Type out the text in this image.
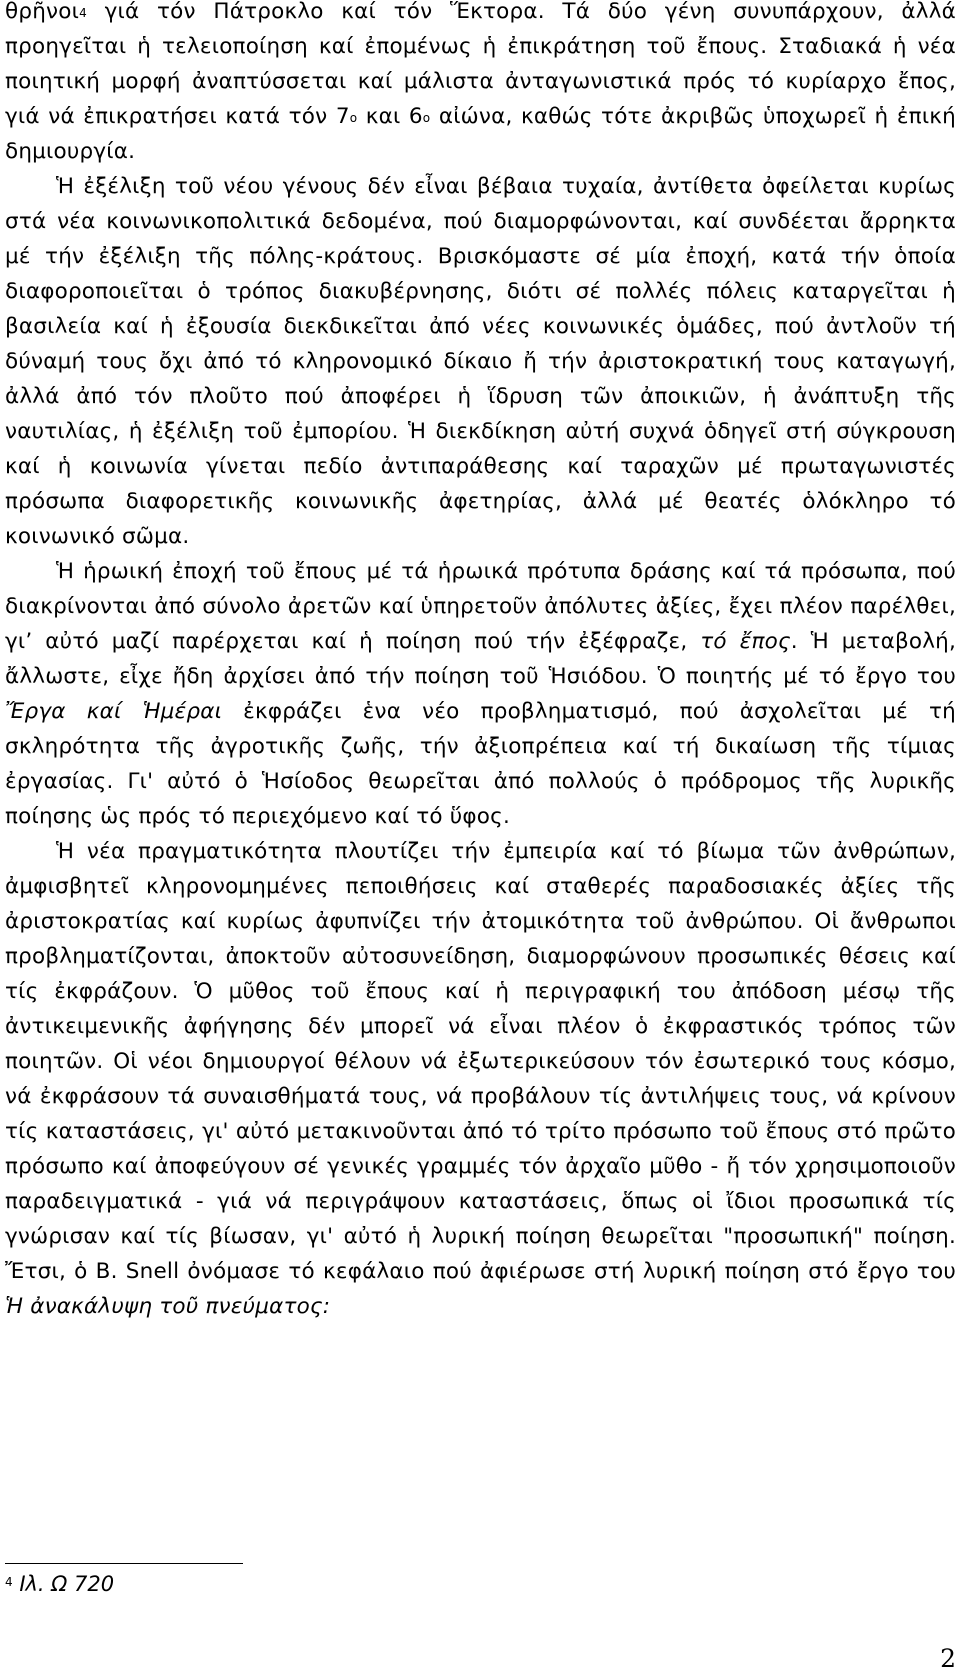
θρῆνοι$^4$ γιά τόν Πάτροκλο καί τόν Ἕκτορα. Τά δύο γένη συνυπάρχουν, ἀλλά προηγεῖται ἡ τελειοποίηση καί ἐπομένως ἡ ἐπικράτηση τοῦ ἔπους. Σταδιακά ἡ νέα ποιητική μορφή ἀναπτύσσεται καί μάλιστα ἀνταγωνιστικά πρός τό κυρίαρχο ἔπος, γιά νά ἐπικρατήσει κατά τόν $7^o$ και $6^o$ αἰώνα, καθώς τότε ἀκριβῶς ὑποχωρεῖ ἡ ἐπική δημιουργία.

Ἡ ἐξέλιξη τοῦ νέου γένους δέν εἶναι βέβαια τυχαία, ἀντίθετα ὀφείλεται κυρίως στά νέα κοινωνικοπολιτικά δεδομένα, πού διαμορφώνονται, καί συνδέεται ἄρρηκτα μέ τήν ἐξέλιξη τῆς πόλης-κράτους. Βρισκόμαστε σέ μία ἐποχή, κατά τήν ὁποία διαφοροποιεῖται ὁ τρόπος διακυβέρνησης, διότι σέ πολλές πόλεις καταργεῖται ἡ βασιλεία καί ἡ ἐξουσία διεκδικεῖται ἀπό νέες κοινωνικές ὁμάδες, πού ἀντλοῦν τή δύναμή τους ὄχι ἀπό τό κληρονομικό δίκαιο ἤ τήν ἀριστοκρατική τους καταγωγή, ἀλλά ἀπό τόν πλοῦτο πού ἀποφέρει ἡ ἵδρυση τῶν ἀποικιῶν, ἡ ἀνάπτυξη τῆς ναυτιλίας, ἡ ἐξέλιξη τοῦ ἐμπορίου. Ἡ διεκδίκηση αὐτή συχνά ὁδηγεῖ στή σύγκρουση καί ἡ κοινωνία γίνεται πεδίο ἀντιπαράθεσης καί ταραχῶν μέ πρωταγωνιστές πρόσωπα διαφορετικῆς κοινωνικῆς ἀφετηρίας, ἀλλά μέ θεατές ὁλόκληρο τό κοινωνικό σῶμα.

Ἡ ἡρωική ἐποχή τοῦ ἔπους μέ τά ἡρωικά πρότυπα δράσης καί τά πρόσωπα, πού διακρίνονται ἀπό σύνολο ἀρετῶν καί ὑπηρετοῦν ἀπόλυτες ἀξίες, ἔχει πλέον παρέλθει, γι’ αὐτό μαζί παρέρχεται καί ἡ ποίηση πού τήν ἐξέφραζε, τό ἔπος. Ἡ μεταβολή, ἄλλωστε, εἶχε ἤδη ἀρχίσει ἀπό τήν ποίηση τοῦ Ἡσιόδου. Ὁ ποιητής μέ τό ἔργο του Ἔργα καί Ἡμέραι ἐκφράζει ἑνα νέο προβληματισμό, πού ἀσχολεῖται μέ τή σκληρότητα τῆς ἀγροτικῆς ζωῆς, τήν ἀξιοπρέπεια καί τή δικαίωση τῆς τίμιας ἐργασίας. Γι' αὐτό ὁ Ἡσίοδος θεωρεῖται ἀπό πολλούς ὁ πρόδρομος τῆς λυρικῆς ποίησης ὡς πρός τό περιεχόμενο καί τό ὕφος.

Ἡ νέα πραγματικότητα πλουτίζει τήν ἐμπειρία καί τό βίωμα τῶν ἀνθρώπων, ἀμφισβητεῖ κληρονομημένες πεποιθήσεις καί σταθερές παραδοσιακές ἀξίες τῆς ἀριστοκρατίας καί κυρίως ἀφυπνίζει τήν ἀτομικότητα τοῦ ἀνθρώπου. Οἱ ἄνθρωποι προβληματίζονται, ἀποκτοῦν αὐτοσυνείδηση, διαμορφώνουν προσωπικές θέσεις καί τίς ἐκφράζουν. Ὁ μῦθος τοῦ ἔπους καί ἡ περιγραφική του ἀπόδοση μέσῳ τῆς ἀντικειμενικῆς ἀφήγησης δέν μπορεῖ νά εἶναι πλέον ὁ ἐκφραστικός τρόπος τῶν ποιητῶν. Οἱ νέοι δημιουργοί θέλουν νά ἐξωτερικεύσουν τόν ἐσωτερικό τους κόσμο, νά ἐκφράσουν τά συναισθήματά τους, νά προβάλουν τίς ἀντιλήψεις τους, νά κρίνουν τίς καταστάσεις, γι' αὐτό μετακινοῦνται ἀπό τό τρίτο πρόσωπο τοῦ ἔπους στό πρῶτο πρόσωπο καί ἀποφεύγουν σέ γενικές γραμμές τόν ἀρχαῖο μῦθο - ἤ τόν χρησιμοποιοῦν παραδειγματικά - γιά νά περιγράψουν καταστάσεις, ὅπως οἱ ἴδιοι προσωπικά τίς γνώρισαν καί τίς βίωσαν, γι' αὐτό ἡ λυρική ποίηση θεωρεῖται "προσωπική" ποίηση. Ἔτσι, ὁ B. Snell ὀνόμασε τό κεφάλαιο πού ἀφιέρωσε στή λυρική ποίηση στό ἔργο του Ἡ ἀνακάλυψη τοῦ πνεύματος:

$^4$ Ιλ. Ω 720
2
